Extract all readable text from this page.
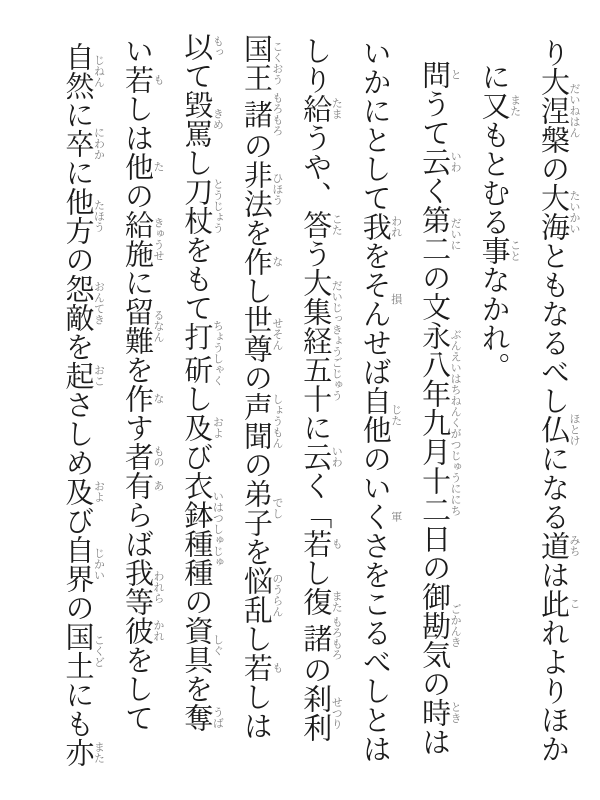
り大涅槃 だいねはんの大海 たいかいともなるべし仏 ほとけになる道 みちは此 これよりほか
に又 またもとむる事 ことなかれ。
問 とうて云 いわく第二 だいにの文永八年九月十二日 ぶんえいはちねんくがつじゅうににちの御勘気 ごかんきの時 ときは
いかにとして我 われをそん 損せば自他 じたのいくさ 軍をこるべしとは
しり給 たまうや、答 こたう大集経五十 だいじっきょうごじゅうに云 いわく「若 もし復 また諸 もろもろの刹利 せつり
国王 こくおう諸 もろもろの非法 ひほうを作 なし世尊 せそんの声聞 しょうもんの弟子 でしを悩乱 のうらんし若 もしは
以 もって毀罵 きめし刀杖 とうじょうをもて打 ちょう斫 しゃくし及 および衣鉢種種 いはつしゅじゅの資具 しぐを奪 うば
い若 もしは他 たの給施 きゅうせに留難 るなんを作 なす者 もの有 あらば我等 われら彼 かれをして
自然 じねんに卒 にわかに他方 たほうの怨敵 おんてきを起 おこさしめ及 および自界 じかいの国土 こくどにも亦 また
